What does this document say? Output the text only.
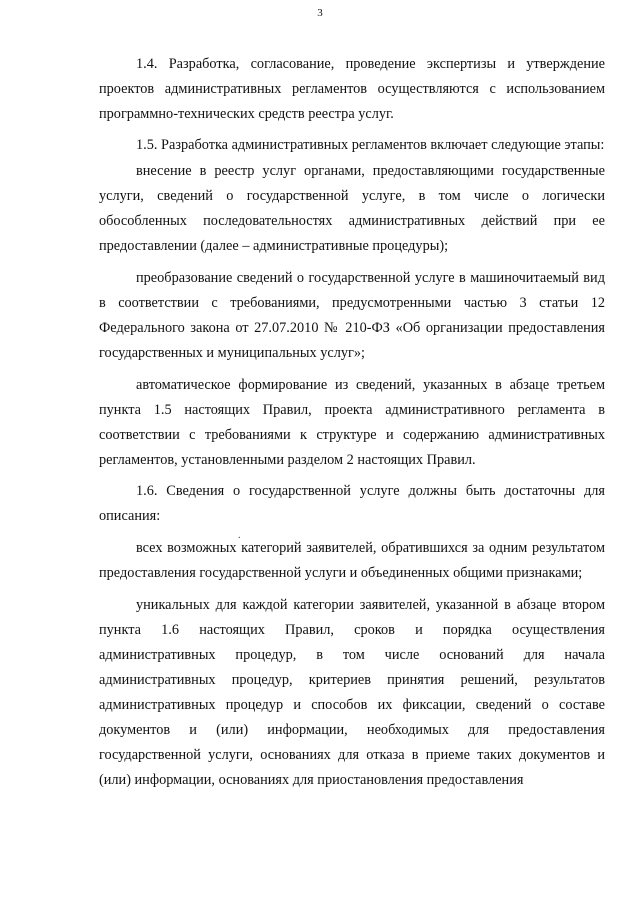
3

1.4. Разработка, согласование, проведение экспертизы и утверждение проектов административных регламентов осуществляются с использованием программно-технических средств реестра услуг.

1.5. Разработка административных регламентов включает следующие этапы:

внесение в реестр услуг органами, предоставляющими государственные услуги, сведений о государственной услуге, в том числе о логически обособленных последовательностях административных действий при ее предоставлении (далее – административные процедуры);

преобразование сведений о государственной услуге в машиночитаемый вид в соответствии с требованиями, предусмотренными частью 3 статьи 12 Федерального закона от 27.07.2010 № 210-ФЗ «Об организации предоставления государственных и муниципальных услуг»;

автоматическое формирование из сведений, указанных в абзаце третьем пункта 1.5 настоящих Правил, проекта административного регламента в соответствии с требованиями к структуре и содержанию административных регламентов, установленными разделом 2 настоящих Правил.

1.6. Сведения о государственной услуге должны быть достаточны для описания:

всех возможных категорий заявителей, обратившихся за одним результатом предоставления государственной услуги и объединенных общими признаками;

уникальных для каждой категории заявителей, указанной в абзаце втором пункта 1.6 настоящих Правил, сроков и порядка осуществления административных процедур, в том числе оснований для начала административных процедур, критериев принятия решений, результатов административных процедур и способов их фиксации, сведений о составе документов и (или) информации, необходимых для предоставления государственной услуги, основаниях для отказа в приеме таких документов и (или) информации, основаниях для приостановления предоставления

.
